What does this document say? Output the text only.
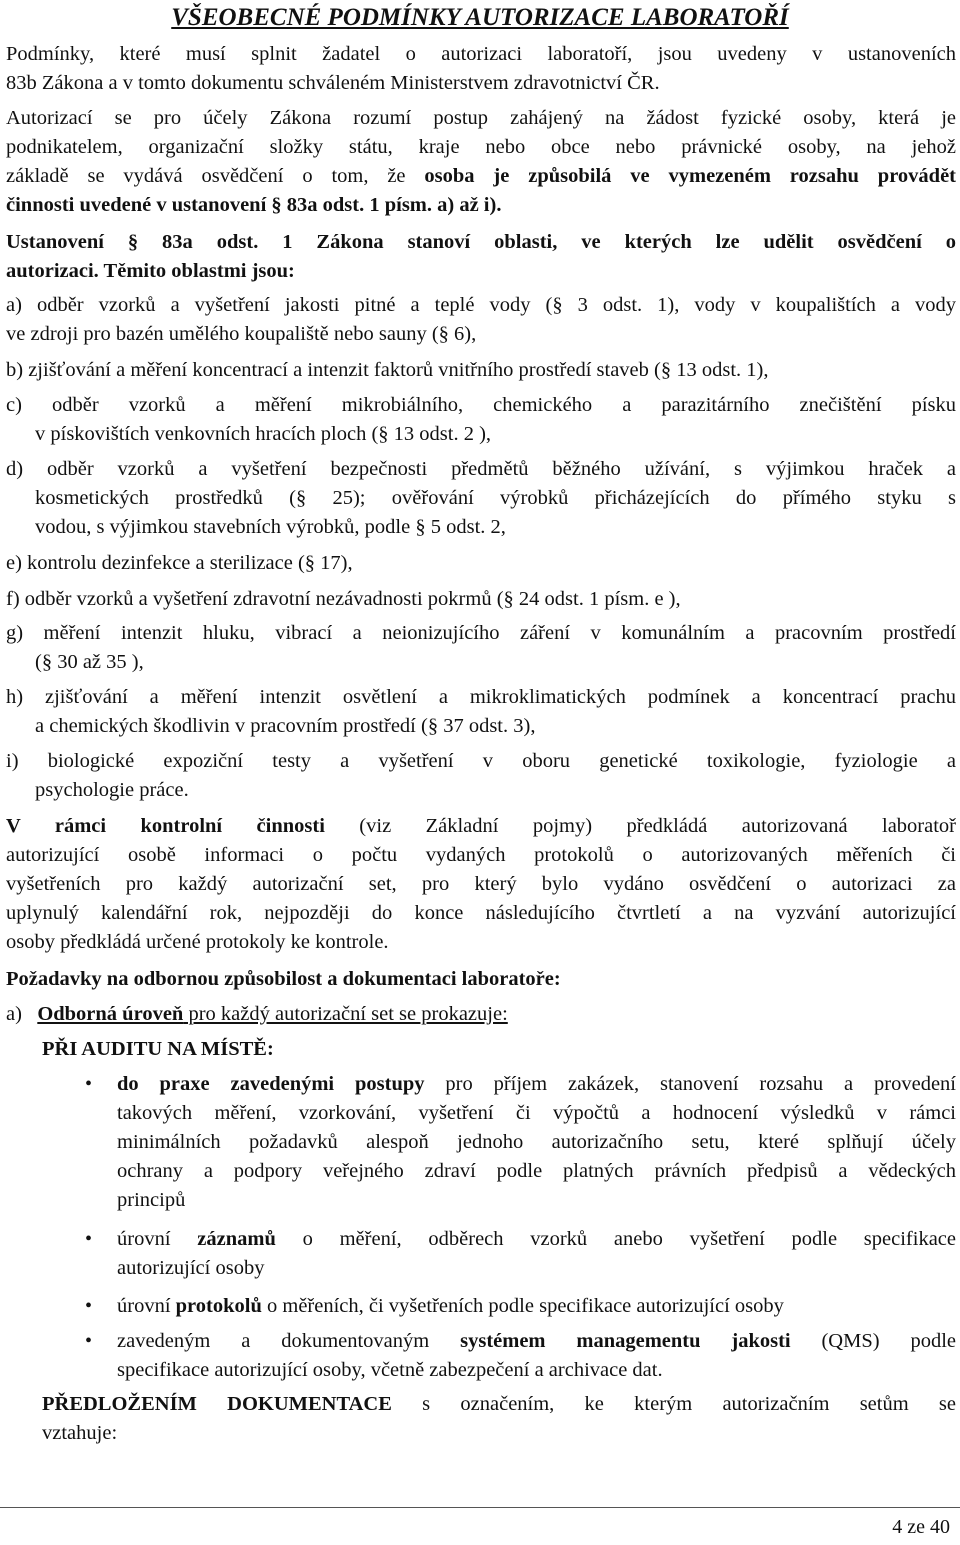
VŠEOBECNÉ PODMÍNKY AUTORIZACE LABORATOŘÍ
Podmínky, které musí splnit žadatel o autorizaci laboratoří, jsou uvedeny v ustanoveních
83b Zákona a v tomto dokumentu schváleném Ministerstvem zdravotnictví ČR.
Autorizací se pro účely Zákona rozumí postup zahájený na žádost fyzické osoby, která je
podnikatelem, organizační složky státu, kraje nebo obce nebo právnické osoby, na jehož
základě se vydává osvědčení o tom, že osoba je způsobilá ve vymezeném rozsahu provádět
činnosti uvedené v ustanovení § 83a odst. 1 písm. a) až i).
Ustanovení § 83a odst. 1 Zákona stanoví oblasti, ve kterých lze udělit osvědčení o
autorizaci. Těmito oblastmi jsou:
a) odběr vzorků a vyšetření jakosti pitné a teplé vody (§ 3 odst. 1), vody v koupalištích a vody
ve zdroji pro bazén umělého koupaliště nebo sauny (§ 6),
b) zjišťování a měření koncentrací a intenzit faktorů vnitřního prostředí staveb (§ 13 odst. 1),
c) odběr vzorků a měření mikrobiálního, chemického a parazitárního znečištění písku
v pískovištích venkovních hracích ploch (§ 13 odst. 2 ),
d) odběr vzorků a vyšetření bezpečnosti předmětů běžného užívání, s výjimkou hraček a
kosmetických prostředků (§ 25); ověřování výrobků přicházejících do přímého styku s
vodou, s výjimkou stavebních výrobků, podle § 5 odst. 2,
e) kontrolu dezinfekce a sterilizace (§ 17),
f) odběr vzorků a vyšetření zdravotní nezávadnosti pokrmů (§ 24 odst. 1 písm. e ),
g) měření intenzit hluku, vibrací a neionizujícího záření v komunálním a pracovním prostředí
(§ 30 až 35 ),
h) zjišťování a měření intenzit osvětlení a mikroklimatických podmínek a koncentrací prachu
a chemických škodlivin v pracovním prostředí (§ 37 odst. 3),
i) biologické expoziční testy a vyšetření v oboru genetické toxikologie, fyziologie a
psychologie práce.
V rámci kontrolní činnosti (viz Základní pojmy) předkládá autorizovaná laboratoř
autorizující osobě informaci o počtu vydaných protokolů o autorizovaných měřeních či
vyšetřeních pro každý autorizační set, pro který bylo vydáno osvědčení o autorizaci za
uplynulý kalendářní rok, nejpozději do konce následujícího čtvrtletí a na vyzvání autorizující
osoby předkládá určené protokoly ke kontrole.
Požadavky na odbornou způsobilost a dokumentaci laboratoře:
a) Odborná úroveň pro každý autorizační set se prokazuje:
PŘI AUDITU NA MÍSTĚ:
• do praxe zavedenými postupy pro příjem zakázek, stanovení rozsahu a provedení
takových měření, vzorkování, vyšetření či výpočtů a hodnocení výsledků v rámci
minimálních požadavků alespoň jednoho autorizačního setu, které splňují účely
ochrany a podpory veřejného zdraví podle platných právních předpisů a vědeckých
principů
• úrovní záznamů o měření, odběrech vzorků anebo vyšetření podle specifikace
autorizující osoby
• úrovní protokolů o měřeních, či vyšetřeních podle specifikace autorizující osoby
• zavedeným a dokumentovaným systémem managementu jakosti (QMS) podle
specifikace autorizující osoby, včetně zabezpečení a archivace dat.
PŘEDLOŽENÍM DOKUMENTACE s označením, ke kterým autorizačním setům se
vztahuje:
4 ze 40
